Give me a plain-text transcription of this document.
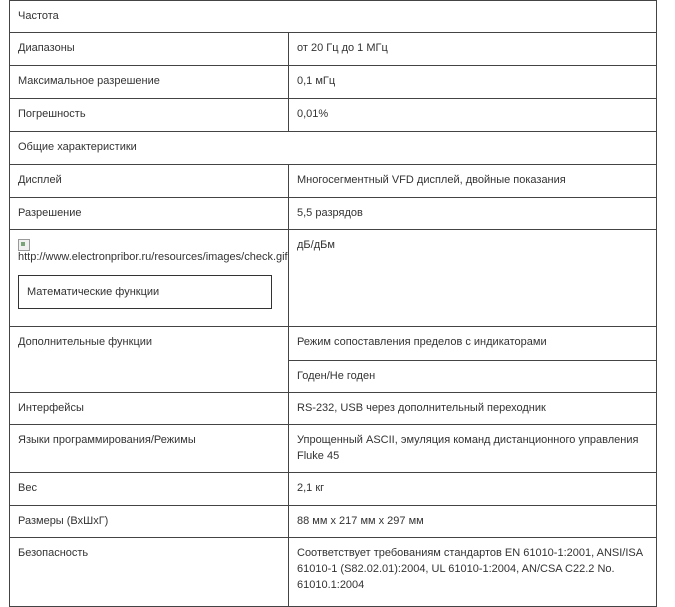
Частота	
Диапазоны	от 20 Гц до 1 МГц
Максимальное разрешение	0,1 мГц
Погрешность	0,01%
Общие характеристики	
Дисплей	Многосегментный VFD дисплей, двойные показания
Разрешение	5,5 разрядов

http://www.electronpribor.ru/resources/images/check.gif
Математические функции	дБ/дБм
Дополнительные функции	Режим сопоставления пределов с индикаторами
	Годен/Не годен
Интерфейсы	RS-232, USB через дополнительный переходник
Языки программирования/Режимы	Упрощенный ASCII, эмуляция команд дистанционного управления Fluke 45
Вес	2,1 кг
Размеры (ВхШхГ)	88 мм x 217 мм x 297 мм
Безопасность	Соответствует требованиям стандартов EN 61010-1:2001, ANSI/ISA 61010-1 (S82.02.01):2004, UL 61010-1:2004, AN/CSA C22.2 No. 61010.1:2004
